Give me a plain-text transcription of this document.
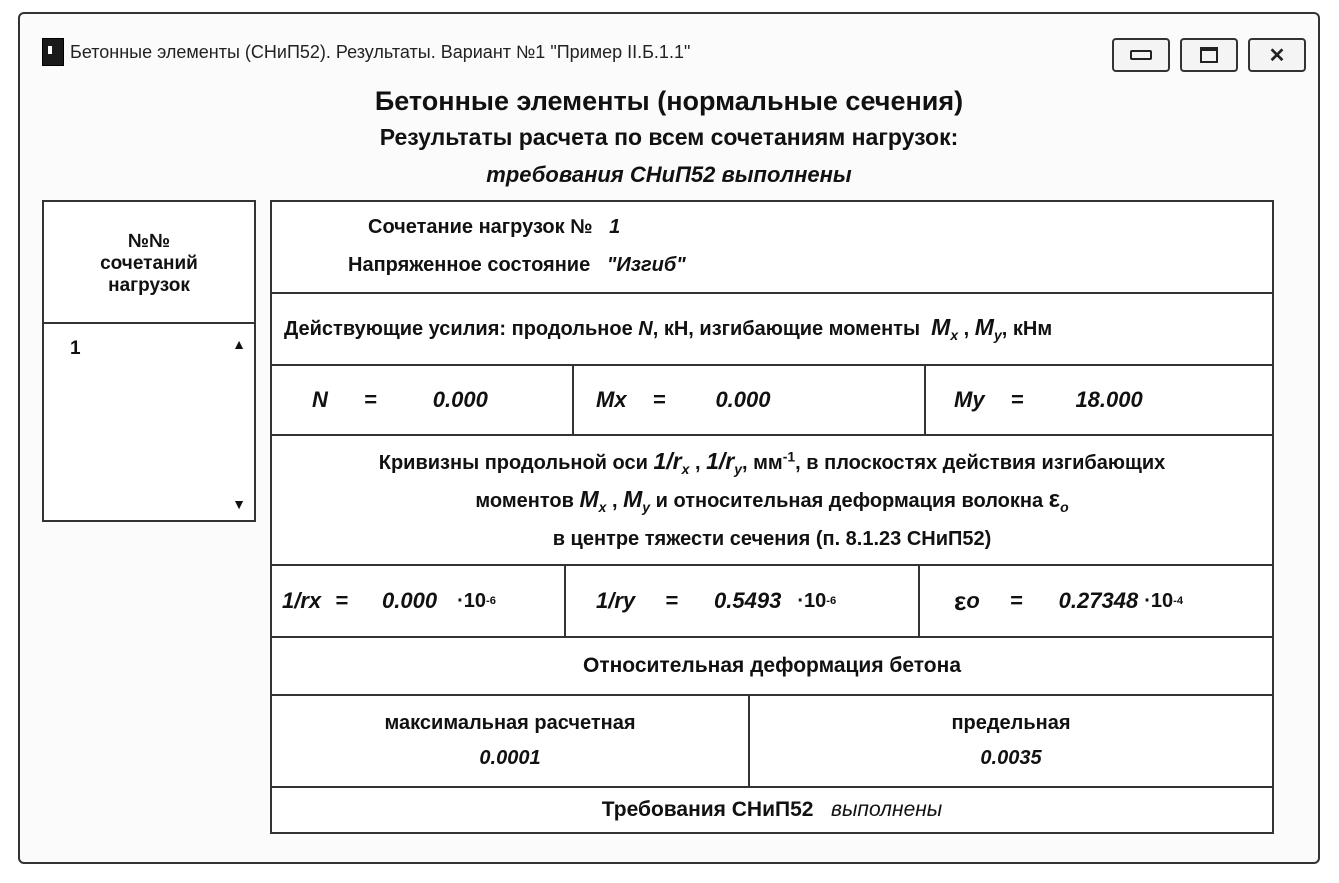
Бетонные элементы (СНиП52). Результаты. Вариант №1 "Пример II.Б.1.1"	✕
Бетонные элементы (нормальные сечения)
Результаты расчета по всем сочетаниям нагрузок:
требования СНиП52 выполнены
№№
сочетаний
нагрузок
1	▲
▼
Сочетание нагрузок № 1
Напряженное состояние "Изгиб"
Действующие усилия: продольное N, кН, изгибающие моменты $M_x$ , $M_y$, кНм
N =	0.000	M x = 0.000	M y = 18.000
Кривизны продольной оси $1/r_x$ , $1/r_y$, $мм^{-1}$, в плоскостях действия изгибающих
моментов $M_x$ , $M_y$ и относительная деформация волокна $\varepsilon_o$
в центре тяжести сечения (п. 8.1.23 СНиП52)
1/r x = 0.000 ·10 -6	1/r y = 0.5493 ·10 -6	ε o = 0.27348 ·10 -4
Относительная деформация бетона
максимальная расчетная
0.0001
предельная
0.0035
Требования СНиП52 выполнены
